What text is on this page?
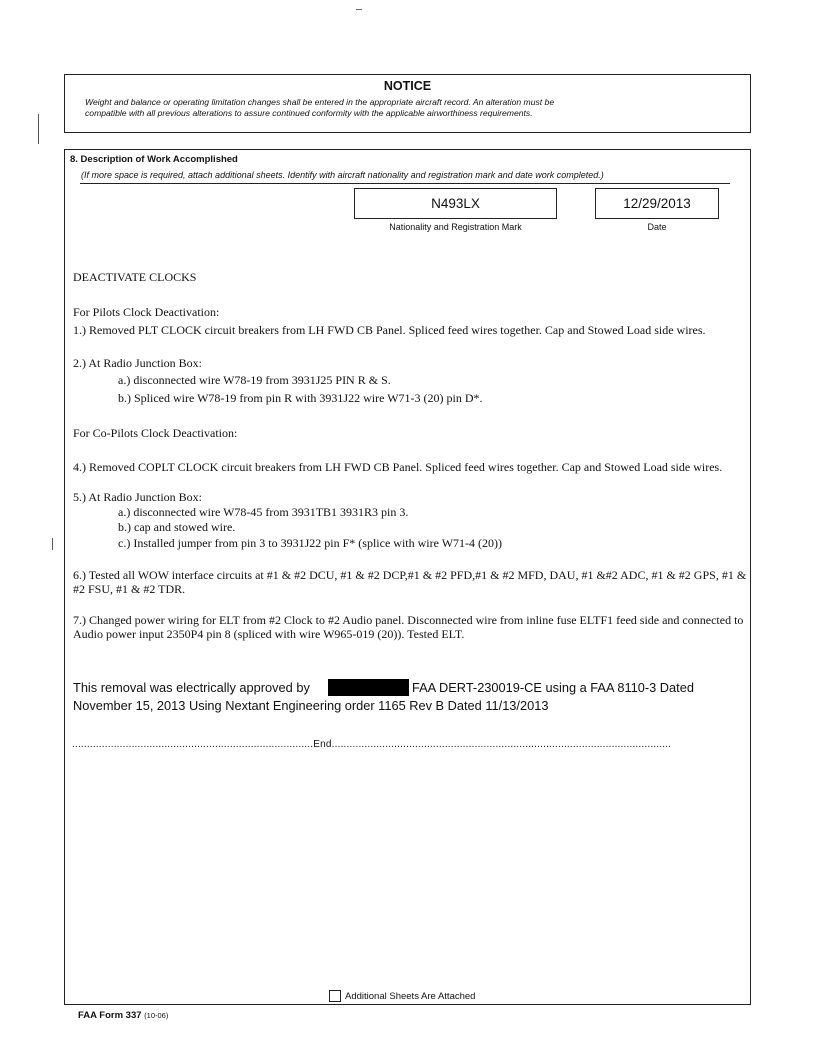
NOTICE
Weight and balance or operating limitation changes shall be entered in the appropriate aircraft record. An alteration must be
compatible with all previous alterations to assure continued conformity with the applicable airworthiness requirements.
8. Description of Work Accomplished
(If more space is required, attach additional sheets. Identify with aircraft nationality and registration mark and date work completed.)
N493LX	12/29/2013
Nationality and Registration Mark	Date
DEACTIVATE CLOCKS
For Pilots Clock Deactivation:
1.) Removed PLT CLOCK circuit breakers from LH FWD CB Panel. Spliced feed wires together. Cap and Stowed Load side wires.
2.) At Radio Junction Box:
a.) disconnected wire W78-19 from 3931J25 PIN R & S.
b.) Spliced wire W78-19 from pin R with 3931J22 wire W71-3 (20) pin D*.
For Co-Pilots Clock Deactivation:
4.) Removed COPLT CLOCK circuit breakers from LH FWD CB Panel. Spliced feed wires together. Cap and Stowed Load side wires.
5.) At Radio Junction Box:
a.) disconnected wire W78-45 from 3931TB1 3931R3 pin 3.
b.) cap and stowed wire.
c.) Installed jumper from pin 3 to 3931J22 pin F* (splice with wire W71-4 (20))
6.) Tested all WOW interface circuits at #1 & #2 DCU, #1 & #2 DCP,#1 & #2 PFD,#1 & #2 MFD, DAU, #1 &#2 ADC, #1 & #2 GPS, #1 & #2 FSU, #1 & #2 TDR.
7.) Changed power wiring for ELT from #2 Clock to #2 Audio panel. Disconnected wire from inline fuse ELTF1 feed side and connected to Audio power input 2350P4 pin 8 (spliced with wire W965-019 (20)). Tested ELT.
This removal was electrically approved by	FAA DERT-230019-CE using a FAA 8110-3 Dated
November 15, 2013 Using Nextant Engineering order 1165 Rev B Dated 11/13/2013
.................................................................................End..................................................................................................................
Additional Sheets Are Attached
FAA Form 337 (10-06)
